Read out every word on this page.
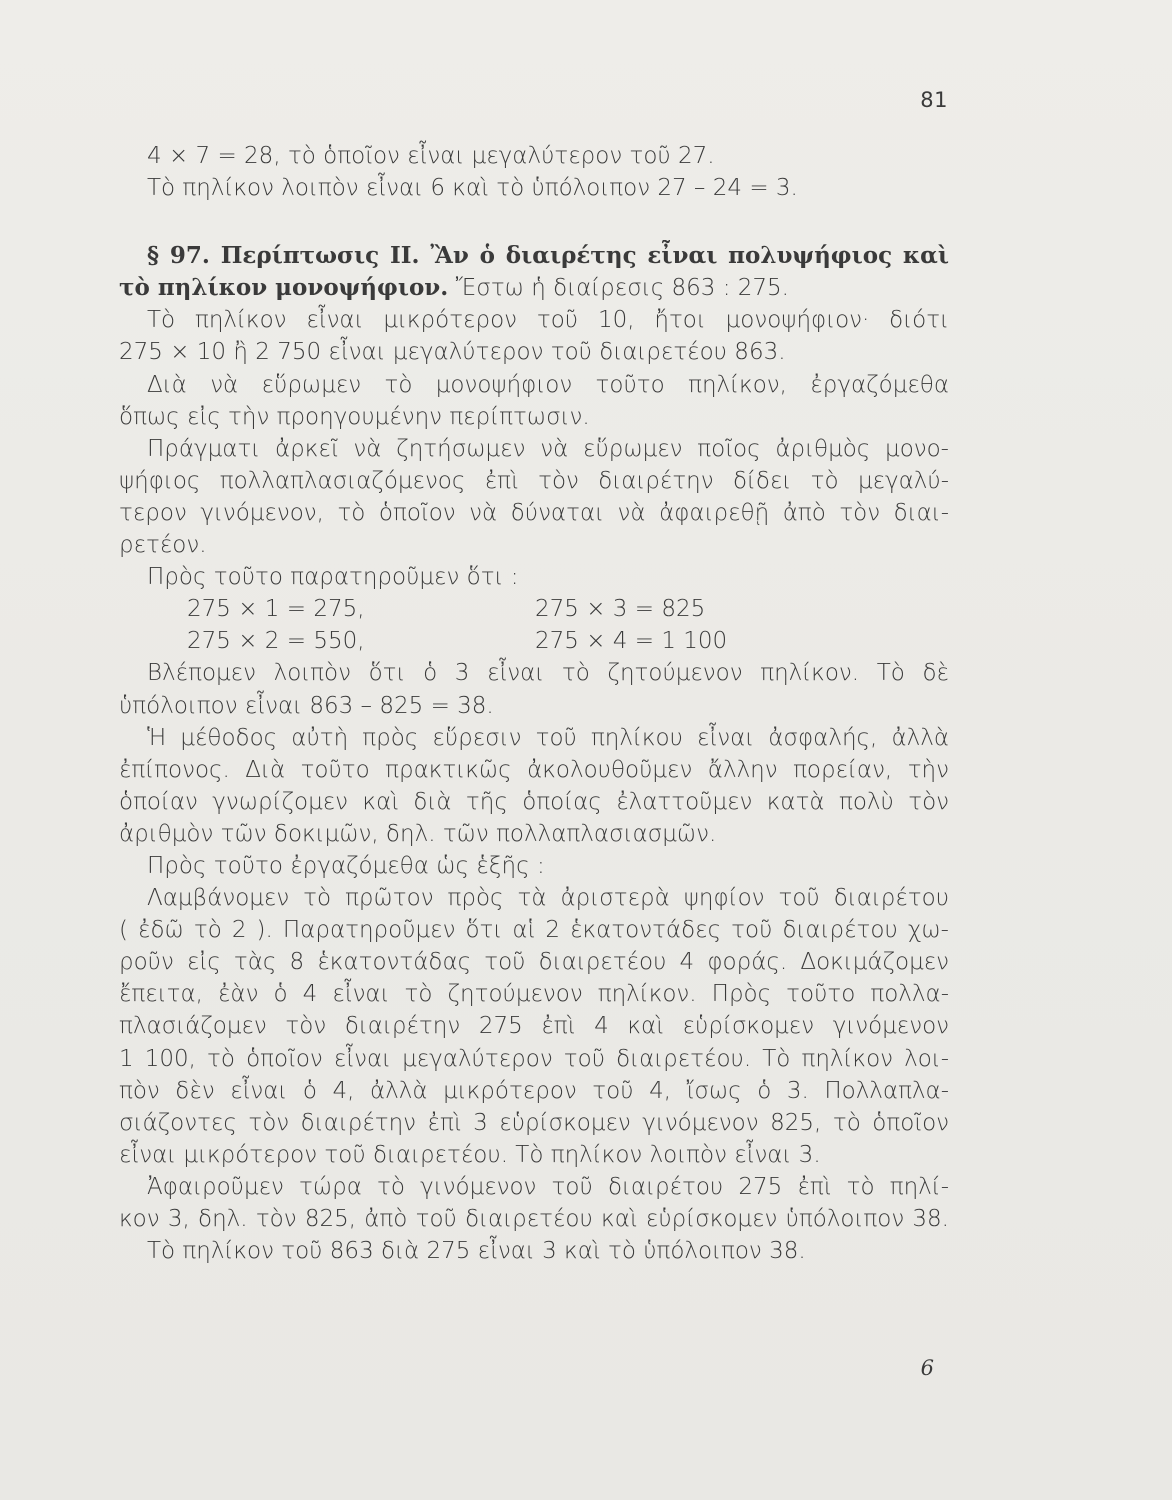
81
4 × 7 = 28, τὸ ὁποῖον εἶναι μεγαλύτερον τοῦ 27.
Τὸ πηλίκον λοιπὸν εἶναι 6 καὶ τὸ ὑπόλοιπον 27 – 24 = 3.
§ 97. Περίπτωσις ΙΙ. Ἂν ὁ διαιρέτης εἶναι πολυψήφιος καὶ
τὸ πηλίκον μονοψήφιον. Ἔστω ἡ διαίρεσις 863 : 275.
Τὸ πηλίκον εἶναι μικρότερον τοῦ 10, ἤτοι μονοψήφιον· διότι
275 × 10 ἢ 2 750 εἶναι μεγαλύτερον τοῦ διαιρετέου 863.
Διὰ νὰ εὕρωμεν τὸ μονοψήφιον τοῦτο πηλίκον, ἐργαζόμεθα
ὅπως εἰς τὴν προηγουμένην περίπτωσιν.
Πράγματι ἀρκεῖ νὰ ζητήσωμεν νὰ εὕρωμεν ποῖος ἀριθμὸς μονο-
ψήφιος πολλαπλασιαζόμενος ἐπὶ τὸν διαιρέτην δίδει τὸ μεγαλύ-
τερον γινόμενον, τὸ ὁποῖον νὰ δύναται νὰ ἀφαιρεθῇ ἀπὸ τὸν διαι-
ρετέον.
Πρὸς τοῦτο παρατηροῦμεν ὅτι :
275 × 1 = 275,	275 × 3 = 825
275 × 2 = 550,	275 × 4 = 1 100
Βλέπομεν λοιπὸν ὅτι ὁ 3 εἶναι τὸ ζητούμενον πηλίκον. Τὸ δὲ
ὑπόλοιπον εἶναι 863 – 825 = 38.
Ἡ μέθοδος αὐτὴ πρὸς εὕρεσιν τοῦ πηλίκου εἶναι ἀσφαλής, ἀλλὰ
ἐπίπονος. Διὰ τοῦτο πρακτικῶς ἀκολουθοῦμεν ἄλλην πορείαν, τὴν
ὁποίαν γνωρίζομεν καὶ διὰ τῆς ὁποίας ἐλαττοῦμεν κατὰ πολὺ τὸν
ἀριθμὸν τῶν δοκιμῶν, δηλ. τῶν πολλαπλασιασμῶν.
Πρὸς τοῦτο ἐργαζόμεθα ὡς ἑξῆς :
Λαμβάνομεν τὸ πρῶτον πρὸς τὰ ἀριστερὰ ψηφίον τοῦ διαιρέτου
( ἐδῶ τὸ 2 ). Παρατηροῦμεν ὅτι αἱ 2 ἑκατοντάδες τοῦ διαιρέτου χω-
ροῦν εἰς τὰς 8 ἑκατοντάδας τοῦ διαιρετέου 4 φοράς. Δοκιμάζομεν
ἔπειτα, ἐὰν ὁ 4 εἶναι τὸ ζητούμενον πηλίκον. Πρὸς τοῦτο πολλα-
πλασιάζομεν τὸν διαιρέτην 275 ἐπὶ 4 καὶ εὑρίσκομεν γινόμενον
1 100, τὸ ὁποῖον εἶναι μεγαλύτερον τοῦ διαιρετέου. Τὸ πηλίκον λοι-
πὸν δὲν εἶναι ὁ 4, ἀλλὰ μικρότερον τοῦ 4, ἴσως ὁ 3. Πολλαπλα-
σιάζοντες τὸν διαιρέτην ἐπὶ 3 εὑρίσκομεν γινόμενον 825, τὸ ὁποῖον
εἶναι μικρότερον τοῦ διαιρετέου. Τὸ πηλίκον λοιπὸν εἶναι 3.
Ἀφαιροῦμεν τώρα τὸ γινόμενον τοῦ διαιρέτου 275 ἐπὶ τὸ πηλί-
κον 3, δηλ. τὸν 825, ἀπὸ τοῦ διαιρετέου καὶ εὑρίσκομεν ὑπόλοιπον 38.
Τὸ πηλίκον τοῦ 863 διὰ 275 εἶναι 3 καὶ τὸ ὑπόλοιπον 38.
6
